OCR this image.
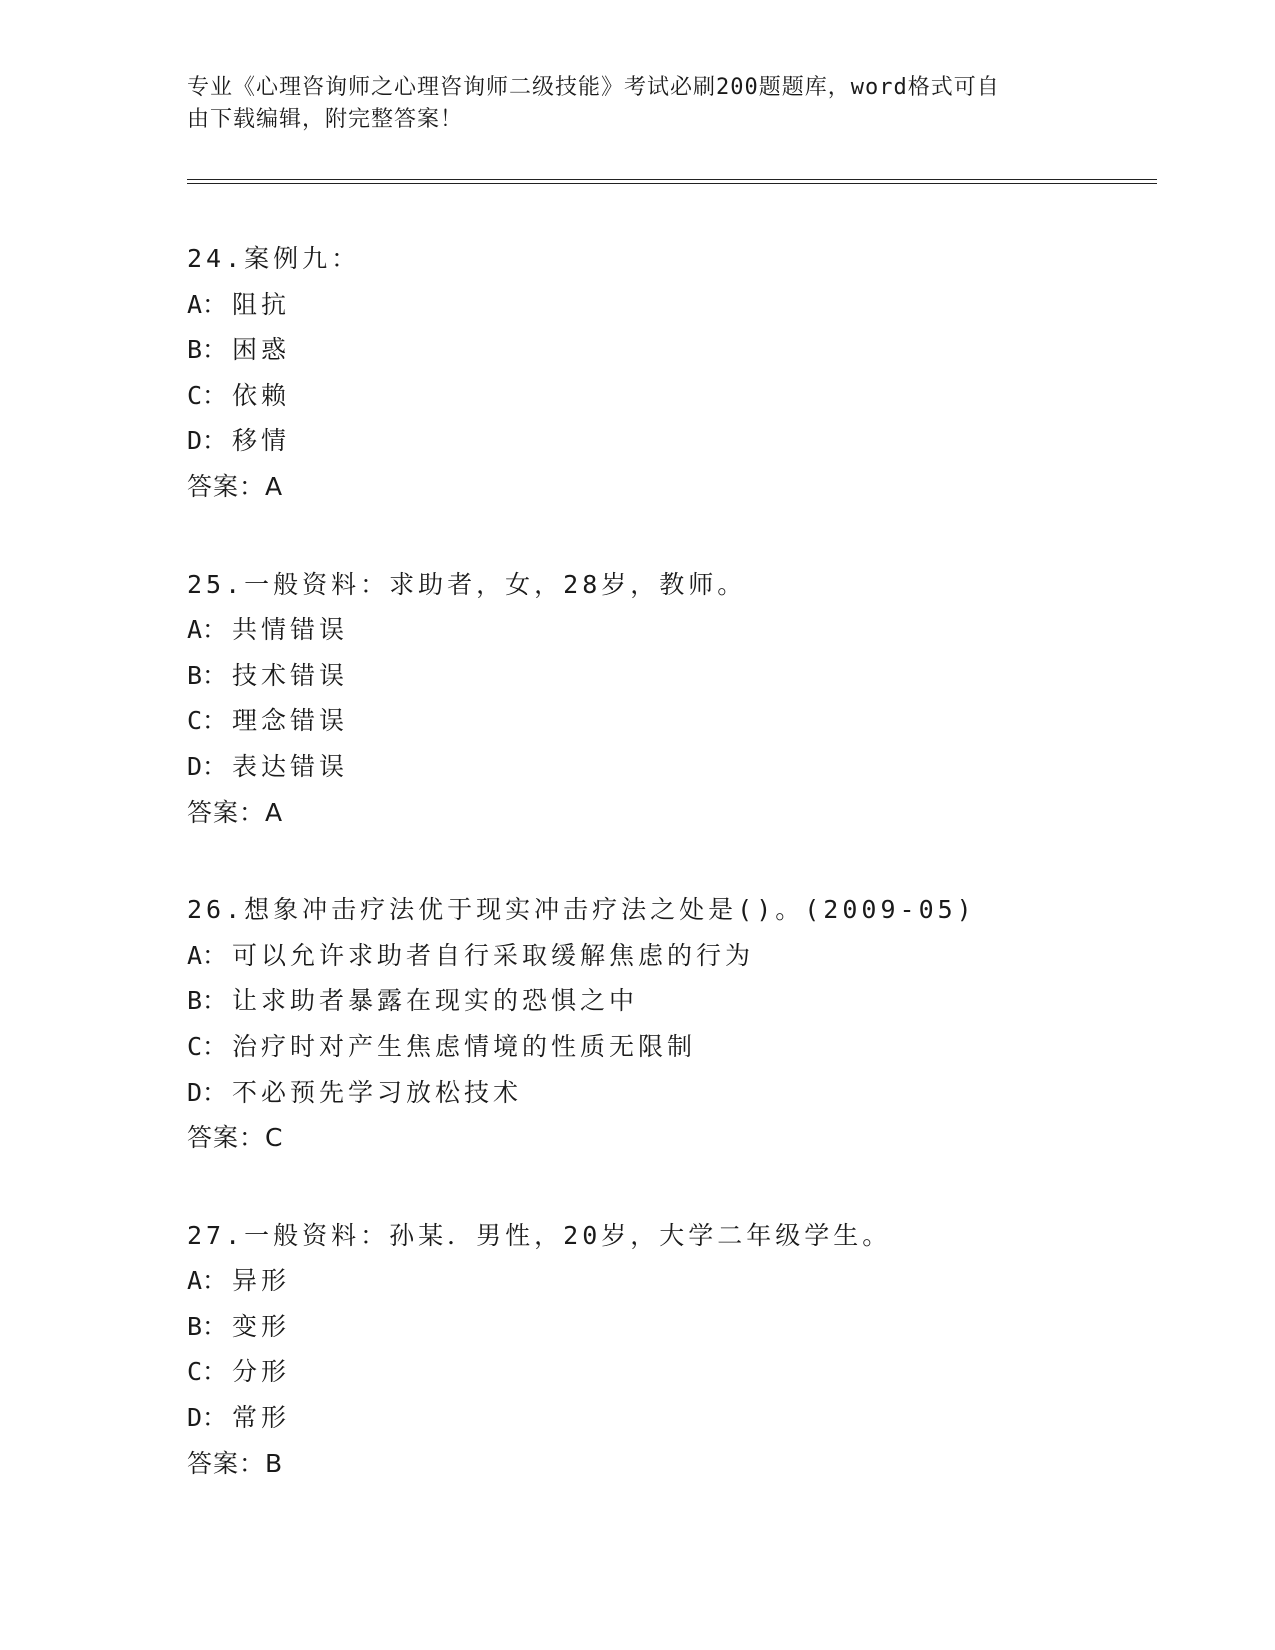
专业《心理咨询师之心理咨询师二级技能》考试必刷200题题库，word格式可自
由下载编辑，附完整答案！
24.案例九：
A： 阻抗
B： 困惑
C： 依赖
D： 移情
答案：A
25.一般资料：求助者，女，28岁，教师。
A： 共情错误
B： 技术错误
C： 理念错误
D： 表达错误
答案：A
26.想象冲击疗法优于现实冲击疗法之处是()。(2009-05)
A： 可以允许求助者自行采取缓解焦虑的行为
B： 让求助者暴露在现实的恐惧之中
C： 治疗时对产生焦虑情境的性质无限制
D： 不必预先学习放松技术
答案：C
27.一般资料：孙某．男性，20岁，大学二年级学生。
A： 异形
B： 变形
C： 分形
D： 常形
答案：B
